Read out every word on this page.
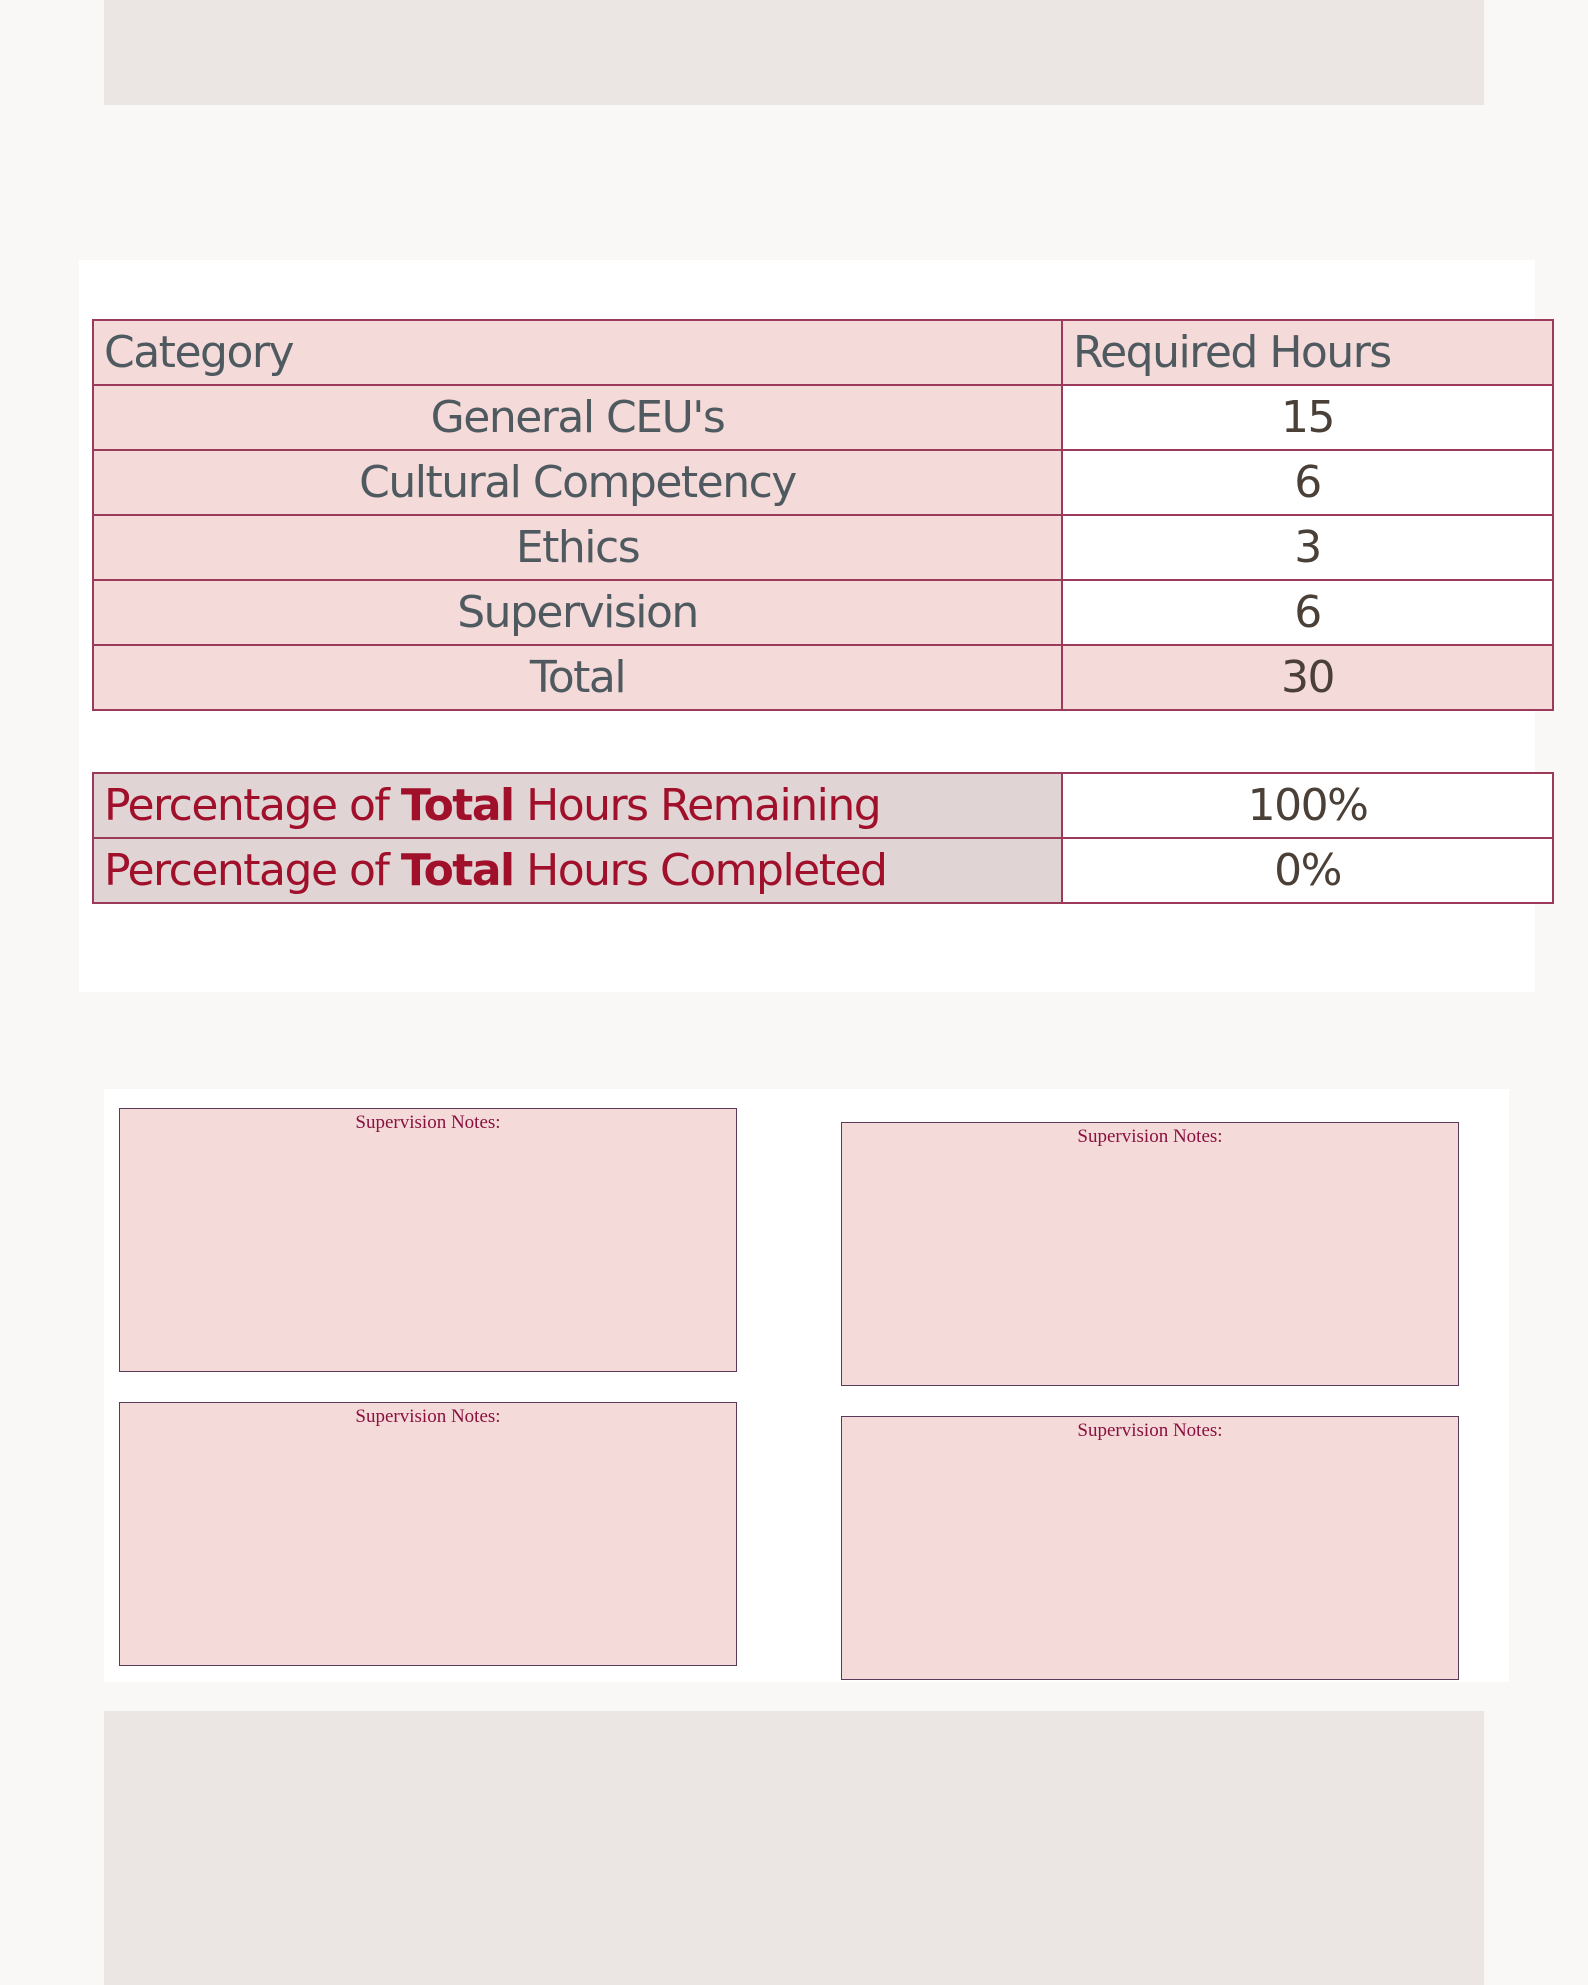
Category	Required Hours
General CEU's	15
Cultural Competency	6
Ethics	3
Supervision	6
Total	30
Percentage of Total Hours Remaining	100%
Percentage of Total Hours Completed	0%
Supervision Notes:
Supervision Notes:
Supervision Notes:
Supervision Notes:
